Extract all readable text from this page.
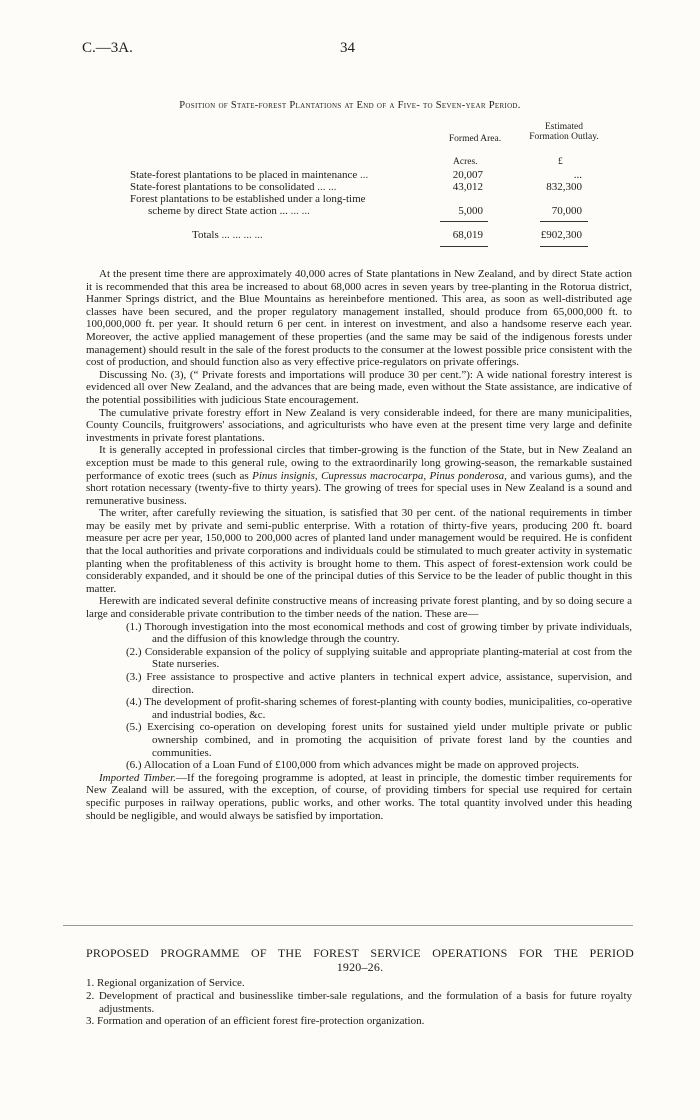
C.—3A.	34
Position of State-forest Plantations at End of a Five- to Seven-year Period.
Formed Area.
Estimated Formation Outlay.
Acres.	£
State-forest plantations to be placed in maintenance ...	20,007	...
State-forest plantations to be consolidated ... ...	43,012	832,300
Forest plantations to be established under a long-time
scheme by direct State action ... ... ...	5,000	70,000
Totals ... ... ... ...	68,019	£902,300

At the present time there are approximately 40,000 acres of State plantations in New Zealand, and by direct State action it is recommended that this area be increased to about 68,000 acres in seven years by tree-planting in the Rotorua district, Hanmer Springs district, and the Blue Mountains as hereinbefore mentioned. This area, as soon as well-distributed age classes have been secured, and the proper regulatory management installed, should produce from 65,000,000 ft. to 100,000,000 ft. per year. It should return 6 per cent. in interest on investment, and also a handsome reserve each year. Moreover, the active applied management of these properties (and the same may be said of the indigenous forests under management) should result in the sale of the forest products to the consumer at the lowest possible price consistent with the cost of production, and should function also as very effective price-regulators on private offerings.

Discussing No. (3), (“ Private forests and importations will produce 30 per cent.”): A wide national forestry interest is evidenced all over New Zealand, and the advances that are being made, even without the State assistance, are indicative of the potential possibilities with judicious State encouragement.

The cumulative private forestry effort in New Zealand is very considerable indeed, for there are many municipalities, County Councils, fruitgrowers' associations, and agriculturists who have even at the present time very large and definite investments in private forest plantations.

It is generally accepted in professional circles that timber-growing is the function of the State, but in New Zealand an exception must be made to this general rule, owing to the extraordinarily long growing-season, the remarkable sustained performance of exotic trees (such as Pinus insignis, Cupressus macrocarpa, Pinus ponderosa, and various gums), and the short rotation necessary (twenty-five to thirty years). The growing of trees for special uses in New Zealand is a sound and remunerative business.

The writer, after carefully reviewing the situation, is satisfied that 30 per cent. of the national requirements in timber may be easily met by private and semi-public enterprise. With a rotation of thirty-five years, producing 200 ft. board measure per acre per year, 150,000 to 200,000 acres of planted land under management would be required. He is confident that the local authorities and private corporations and individuals could be stimulated to much greater activity in systematic planting when the profitableness of this activity is brought home to them. This aspect of forest-extension work could be considerably expanded, and it should be one of the principal duties of this Service to be the leader of public thought in this matter.

Herewith are indicated several definite constructive means of increasing private forest planting, and by so doing secure a large and considerable private contribution to the timber needs of the nation. These are—

(1.) Thorough investigation into the most economical methods and cost of growing timber by private individuals, and the diffusion of this knowledge through the country.
(2.) Considerable expansion of the policy of supplying suitable and appropriate planting-material at cost from the State nurseries.
(3.) Free assistance to prospective and active planters in technical expert advice, assistance, supervision, and direction.
(4.) The development of profit-sharing schemes of forest-planting with county bodies, municipalities, co-operative and industrial bodies, &c.
(5.) Exercising co-operation on developing forest units for sustained yield under multiple private or public ownership combined, and in promoting the acquisition of private forest land by the counties and communities.
(6.) Allocation of a Loan Fund of £100,000 from which advances might be made on approved projects.

Imported Timber.—If the foregoing programme is adopted, at least in principle, the domestic timber requirements for New Zealand will be assured, with the exception, of course, of providing timbers for special use required for certain specific purposes in railway operations, public works, and other works. The total quantity involved under this heading should be negligible, and would always be satisfied by importation.

PROPOSED PROGRAMME OF THE FOREST SERVICE OPERATIONS FOR THE PERIOD
1920–26.
1. Regional organization of Service.
2. Development of practical and businesslike timber-sale regulations, and the formulation of a basis for future royalty adjustments.
3. Formation and operation of an efficient forest fire-protection organization.
